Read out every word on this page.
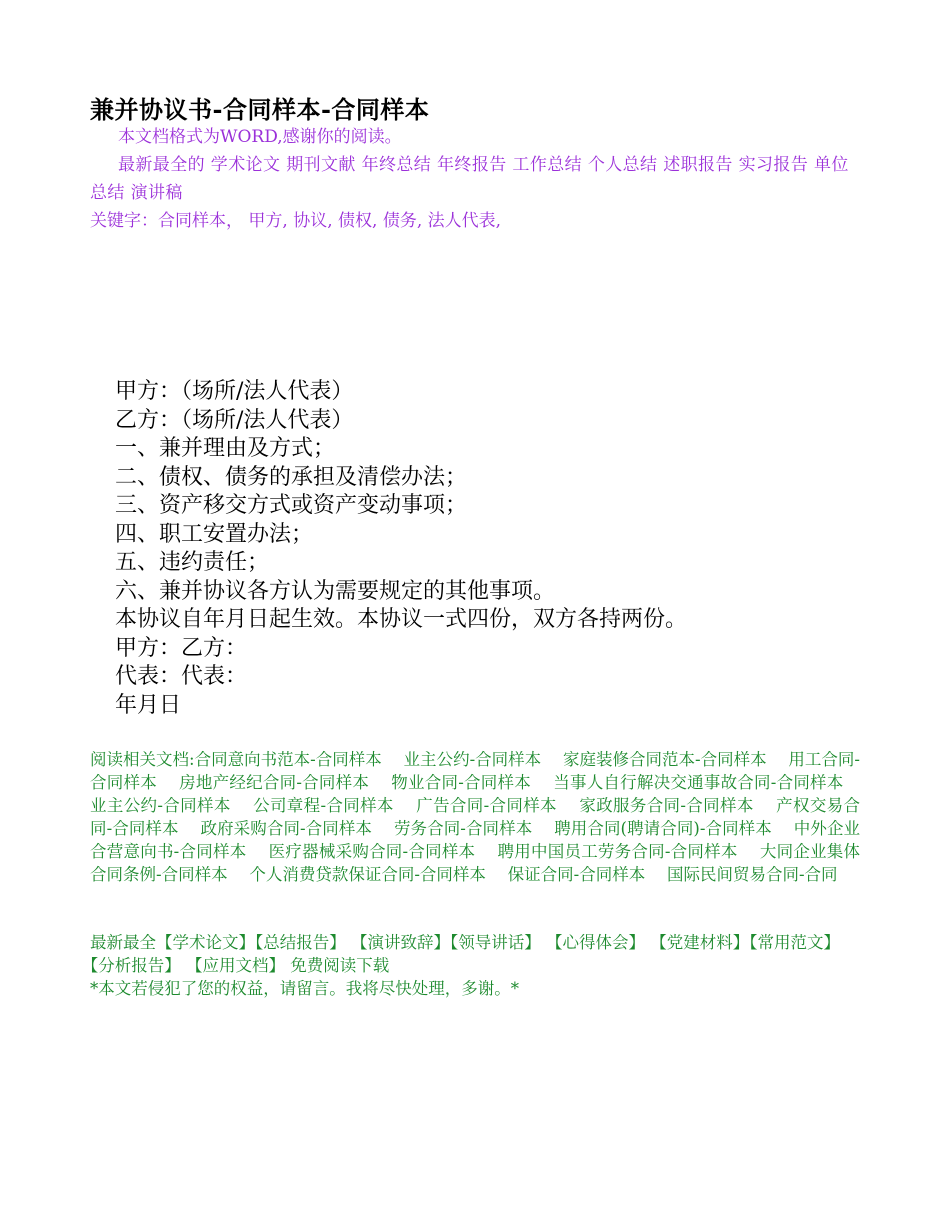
兼并协议书-合同样本-合同样本
本文档格式为WORD,感谢你的阅读。
最新最全的 学术论文 期刊文献 年终总结 年终报告 工作总结 个人总结 述职报告 实习报告 单位总结 演讲稿
关键字：合同样本， 甲方, 协议, 债权, 债务, 法人代表,
甲方：（场所/法人代表）
乙方：（场所/法人代表）
一、兼并理由及方式；
二、债权、债务的承担及清偿办法；
三、资产移交方式或资产变动事项；
四、职工安置办法；
五、违约责任；
六、兼并协议各方认为需要规定的其他事项。
本协议自年月日起生效。本协议一式四份，双方各持两份。
甲方：乙方：
代表：代表：
年月日
阅读相关文档:合同意向书范本-合同样本　 业主公约-合同样本　 家庭装修合同范本-合同样本　 用工合同-合同样本　 房地产经纪合同-合同样本　 物业合同-合同样本　 当事人自行解决交通事故合同-合同样本　 业主公约-合同样本　 公司章程-合同样本　 广告合同-合同样本　 家政服务合同-合同样本　 产权交易合同-合同样本　 政府采购合同-合同样本　 劳务合同-合同样本　 聘用合同(聘请合同)-合同样本　 中外企业合营意向书-合同样本　 医疗器械采购合同-合同样本　 聘用中国员工劳务合同-合同样本　 大同企业集体合同条例-合同样本　 个人消费贷款保证合同-合同样本　 保证合同-合同样本　 国际民间贸易合同-合同
最新最全【学术论文】【总结报告】 【演讲致辞】【领导讲话】 【心得体会】 【党建材料】【常用范文】【分析报告】 【应用文档】 免费阅读下载
*本文若侵犯了您的权益，请留言。我将尽快处理，多谢。*
